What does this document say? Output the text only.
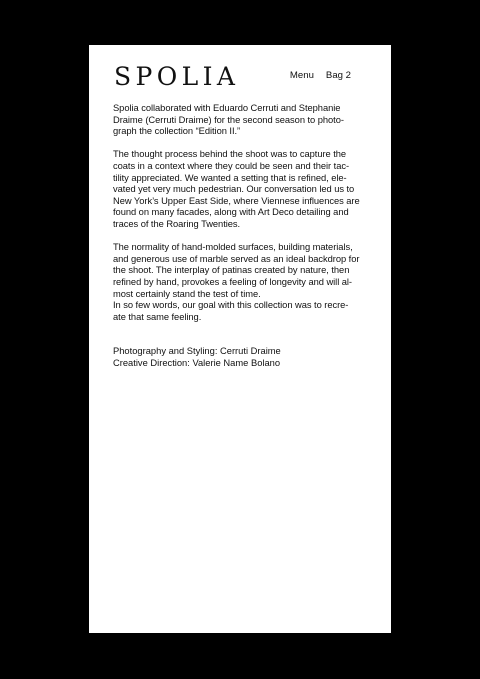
SPOLIA	Menu Bag 2

Spolia collaborated with Eduardo Cerruti and Stephanie
Draime (Cerruti Draime) for the second season to photo-
graph the collection “Edition II.”

The thought process behind the shoot was to capture the
coats in a context where they could be seen and their tac-
tility appreciated. We wanted a setting that is refined, ele-
vated yet very much pedestrian. Our conversation led us to
New York’s Upper East Side, where Viennese influences are
found on many facades, along with Art Deco detailing and
traces of the Roaring Twenties.

The normality of hand-molded surfaces, building materials,
and generous use of marble served as an ideal backdrop for
the shoot. The interplay of patinas created by nature, then
refined by hand, provokes a feeling of longevity and will al-
most certainly stand the test of time.

In so few words, our goal with this collection was to recre-
ate that same feeling.

Photography and Styling: Cerruti Draime
Creative Direction: Valerie Name Bolano
